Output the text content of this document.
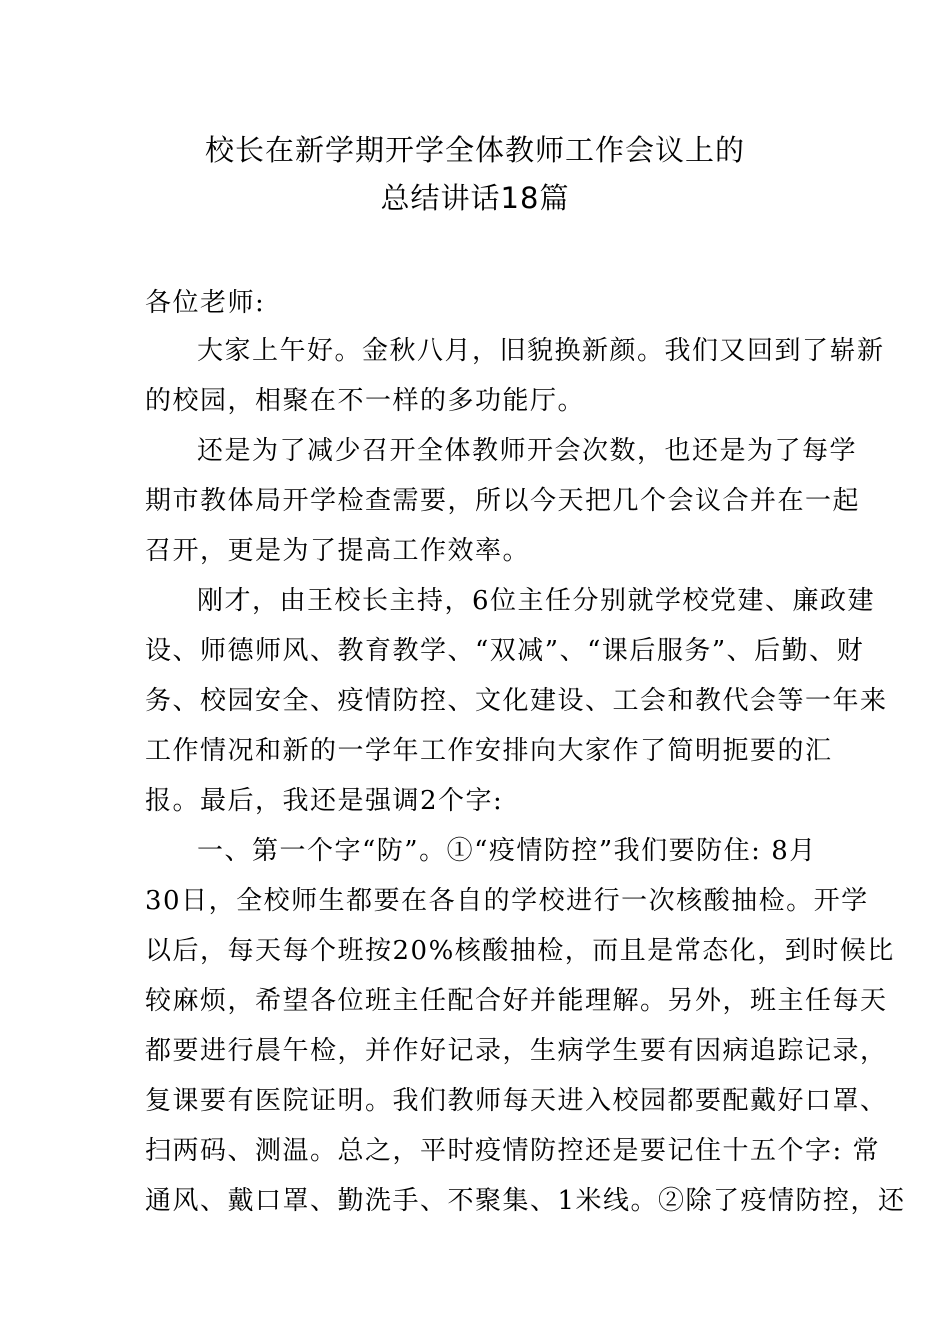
校长在新学期开学全体教师工作会议上的
总结讲话18篇
各位老师:
大家上午好。金秋八月，旧貌换新颜。我们又回到了崭新
的校园，相聚在不一样的多功能厅。
还是为了减少召开全体教师开会次数，也还是为了每学
期市教体局开学检查需要，所以今天把几个会议合并在一起
召开，更是为了提高工作效率。
刚才，由王校长主持，6位主任分别就学校党建、廉政建
设、师德师风、教育教学、“双减”、“课后服务”、后勤、财
务、校园安全、疫情防控、文化建设、工会和教代会等一年来
工作情况和新的一学年工作安排向大家作了简明扼要的汇
报。最后，我还是强调2个字:
一、第一个字“防”。①“疫情防控”我们要防住: 8月
30日，全校师生都要在各自的学校进行一次核酸抽检。开学
以后，每天每个班按20%核酸抽检，而且是常态化，到时候比
较麻烦，希望各位班主任配合好并能理解。另外，班主任每天
都要进行晨午检，并作好记录，生病学生要有因病追踪记录，
复课要有医院证明。我们教师每天进入校园都要配戴好口罩、
扫两码、测温。总之，平时疫情防控还是要记住十五个字: 常
通风、戴口罩、勤洗手、不聚集、1米线。②除了疫情防控，还
